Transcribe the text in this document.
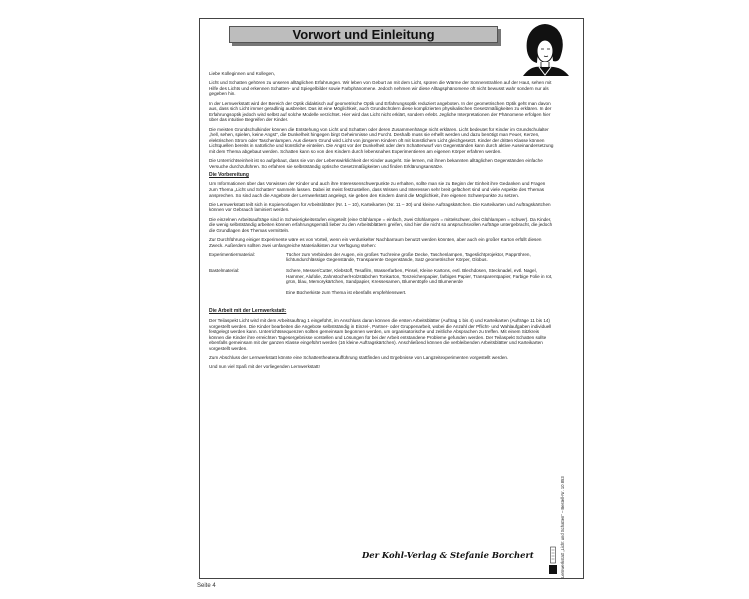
Vorwort und Einleitung

Liebe Kolleginnen und Kollegen,

Licht und Schatten gehören zu unseren alltäglichen Erfahrungen. Wir leben von Geburt an mit dem Licht, spüren die Wärme der Sonnenstrahlen auf der Haut, sehen mit Hilfe des Lichts und erkennen Schatten- und Spiegelbilder sowie Farbphänomene. Jedoch nehmen wir diese Alltagsphänomene oft nicht bewusst wahr sondern nur als gegeben hin.

In der Lernwerkstatt wird der Bereich der Optik didaktisch auf geometrische Optik und Erfahrungsoptik reduziert angeboten. In der geometrischen Optik geht man davon aus, dass sich Licht immer geradlinig ausbreitet. Das ist eine Möglichkeit, auch Grundschülern diese komplizierten physikalischen Gesetzmäßigkeiten zu erklären. In der Erfahrungsoptik jedoch wird selbst auf solche Modelle verzichtet. Hier wird das Licht nicht erklärt, sondern erlebt. Jegliche Interpretationen der Phänomene erfolgen hier über das intuitive Begreifen der Kinder.

Die meisten Grundschulkinder können die Entstehung von Licht und Schatten oder deren Zusammenhänge nicht erklären. Licht bedeutet für Kinder im Grundschulalter „hell, sehen, spielen, keine Angst“, die Dunkelheit hingegen birgt Geheimnisse und Furcht. Deshalb muss sie erhellt werden und dazu benötigt man Feuer, Kerzen, elektrischen Strom oder Taschenlampen. Aus diesem Grund wird Licht von jüngeren Kindern oft mit künstlichem Licht gleichgesetzt. Kinder der dritten Klasse können Lichtquellen bereits in natürliche und künstliche einteilen. Die Angst vor der Dunkelheit oder dem Schattenwurf von Gegenständen kann durch aktive Auseinandersetzung mit dem Thema abgebaut werden. Schatten kann so von den Kindern durch lebensnahes Experimentieren am eigenen Körper erfahren werden.

Die Unterrichtseinheit ist so aufgebaut, dass sie von der Lebenswirklichkeit der Kinder ausgeht. Sie lernen, mit ihnen bekannten alltäglichen Gegenständen einfache Versuche durchzuführen. So erfahren sie selbstständig optische Gesetzmäßigkeiten und finden Erklärungsansätze.

Die Vorbereitung

Um Informationen über das Vorwissen der Kinder und auch ihre Interessenschwerpunkte zu erhalten, sollte man sie zu Beginn der Einheit ihre Gedanken und Fragen zum Thema „Licht und Schatten“ sammeln lassen. Dabei ist meist festzustellen, dass Wissen und Interessen sehr breit gefächert sind und viele Aspekte des Themas ansprechen. So sind auch die Angebote der Lernwerkstatt angelegt, sie geben den Kindern damit die Möglichkeit, ihre eigenen Schwerpunkte zu setzen.

Die Lernwerkstatt teilt sich in Kopiervorlagen für Arbeitsblätter (Nr. 1 – 10), Karteikarten (Nr. 11 – 30) und kleine Auftragskärtchen. Die Karteikarten und Auftragskärtchen können vor Gebrauch laminiert werden.

Die einzelnen Arbeitsaufträge sind in Schwierigkeitsstufen eingeteilt (eine Glühlampe = einfach, zwei Glühlampen = mittelschwer, drei Glühlampen = schwer). Da Kinder, die wenig selbstständig arbeiten können erfahrungsgemäß lieber zu den Arbeitsblättern greifen, sind hier die nicht so anspruchsvollen Aufträge untergebracht, die jedoch die Grundlagen des Themas vermitteln.

Zur Durchführung einiger Experimente wäre es von Vorteil, wenn ein verdunkelter Nachbarraum benutzt werden könnten, aber auch ein großer Karton erfüllt diesen Zweck. Außerdem sollten zwei umfangreiche Materialkisten zur Verfügung stehen:

Experimentiermaterial:	Tücher zum Verbinden der Augen, ein großes Tuchreine große Decke, Taschenlampen, Tageslichtprojektor, Pappröhren, lichtundurchlässige Gegenstände, Transparente Gegenstände, Satz geometrischer Körper, Globus.
Bastelmaterial:	Schere, Messer/Cutter, Klebstoff, Tesafilm, Wasserfarben, Pinsel, Kleine Kartons, evtl. Blechdosen, Stecknadel, evtl. Nagel, Hammer, Alufolie, Zahnstocher/Holzstäbchen Tonkarton, Tonzeichenpapier, farbiges Papier, Transparentpapier, Farbige Folie in rot, grün, blau, Memorykärtchen, Sandpapier, Kressesamen, Blumentöpfe und Blumenerde
Eine Bücherkiste zum Thema ist ebenfalls empfehlenswert.
Die Arbeit mit der Lernwerkstatt:

Der Teilaspekt Licht wird mit dem Arbeitsauftrag 1 eingeführt, im Anschluss daran können die ersten Arbeitsblätter (Auftrag 1 bis 4) und Karteikarten (Aufträge 11 bis 14) vorgestellt werden. Die Kinder bearbeiten die Angebote selbstständig in Einzel-, Partner- oder Gruppenarbeit, wobei die Anzahl der Pflicht- und Wahlaufgaben individuell festgelegt werden kann. Unterrichtssequenzen sollten gemeinsam begonnen werden, um organisatorische und zeitliche Absprachen zu treffen. Mit einem Sitzkreis können die Kinder ihre erreichten Tagesergebnisse vorstellen und Lösungen für bei der Arbeit entstandene Probleme gefunden werden. Der Teilaspekt Schatten sollte ebenfalls gemeinsam mit der ganzen Klasse eingeführt werden (16 kleine Auftragskärtchen). Anschließend können die verbleibenden Arbeitsblätter und Karteikarten vorgestellt werden.

Zum Abschluss der Lernwerkstatt könnte eine Schattentheateraufführung stattfinden und Ergebnisse von Langzeitexperimenten vorgestellt werden.

Und nun viel Spaß mit der vorliegenden Lernwerkstatt!

Der Kohl-Verlag & Stefanie Borchert	Lernwerkstatt „Licht und Schatten“ – Bestell-Nr. 10 853
Seite 4
